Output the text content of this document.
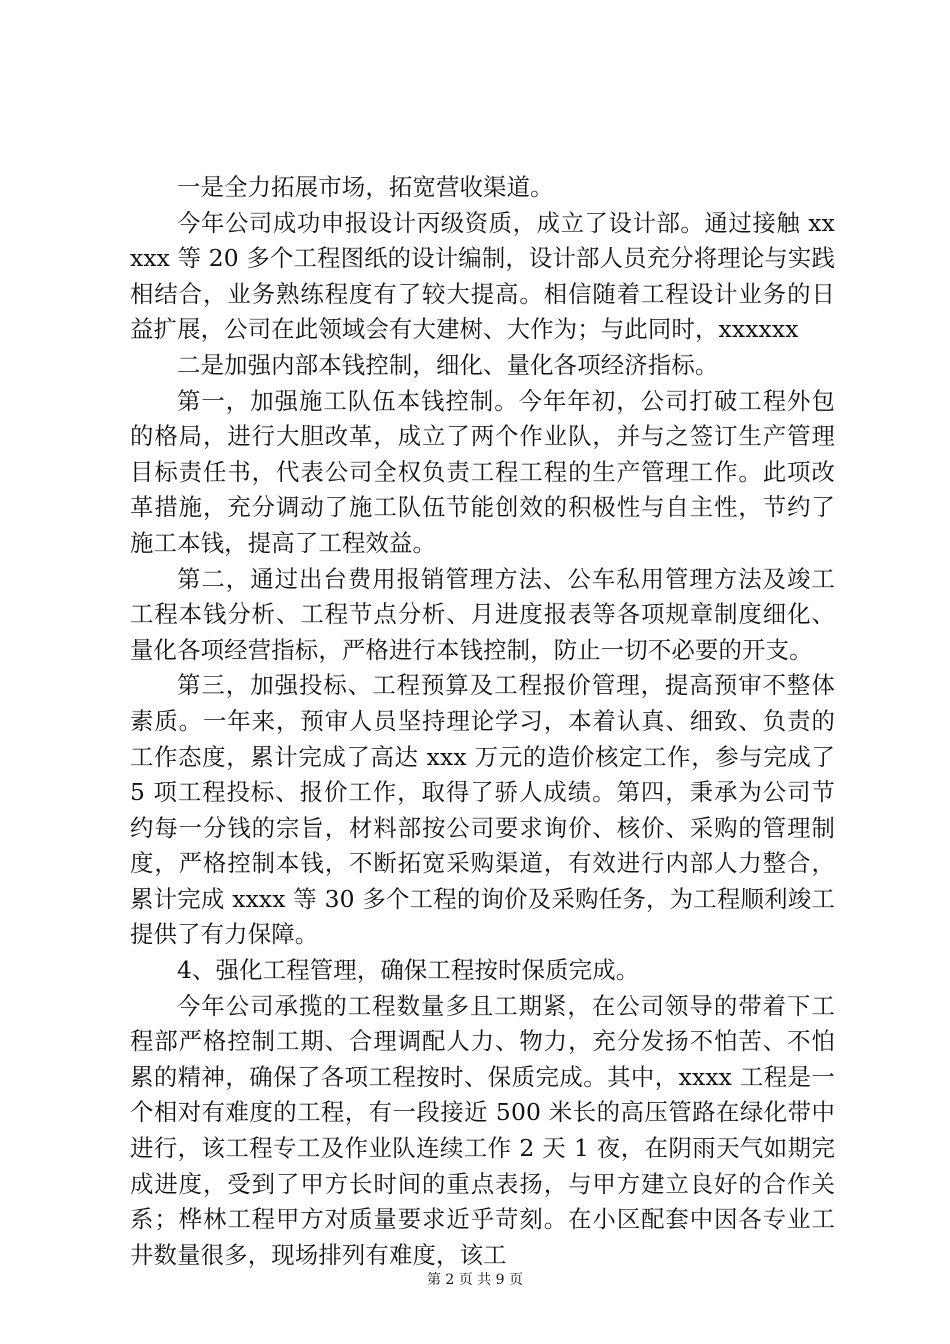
一是全力拓展市场，拓宽营收渠道。

今年公司成功申报设计丙级资质，成立了设计部。通过接触 xxxxx 等 20 多个工程图纸的设计编制，设计部人员充分将理论与实践相结合，业务熟练程度有了较大提高。相信随着工程设计业务的日益扩展，公司在此领域会有大建树、大作为；与此同时，xxxxxx

二是加强内部本钱控制，细化、量化各项经济指标。

第一，加强施工队伍本钱控制。今年年初，公司打破工程外包的格局，进行大胆改革，成立了两个作业队，并与之签订生产管理目标责任书，代表公司全权负责工程工程的生产管理工作。此项改革措施，充分调动了施工队伍节能创效的积极性与自主性，节约了施工本钱，提高了工程效益。

第二，通过出台费用报销管理方法、公车私用管理方法及竣工工程本钱分析、工程节点分析、月进度报表等各项规章制度细化、量化各项经营指标，严格进行本钱控制，防止一切不必要的开支。

第三，加强投标、工程预算及工程报价管理，提高预审不整体素质。一年来，预审人员坚持理论学习，本着认真、细致、负责的工作态度，累计完成了高达 xxx 万元的造价核定工作，参与完成了 5 项工程投标、报价工作，取得了骄人成绩。第四，秉承为公司节约每一分钱的宗旨，材料部按公司要求询价、核价、采购的管理制度，严格控制本钱，不断拓宽采购渠道，有效进行内部人力整合，累计完成 xxxx 等 30 多个工程的询价及采购任务，为工程顺利竣工提供了有力保障。

4、强化工程管理，确保工程按时保质完成。

今年公司承揽的工程数量多且工期紧，在公司领导的带着下工程部严格控制工期、合理调配人力、物力，充分发扬不怕苦、不怕累的精神，确保了各项工程按时、保质完成。其中，xxxx 工程是一个相对有难度的工程，有一段接近 500 米长的高压管路在绿化带中进行，该工程专工及作业队连续工作 2 天 1 夜，在阴雨天气如期完成进度，受到了甲方长时间的重点表扬，与甲方建立良好的合作关系；桦林工程甲方对质量要求近乎苛刻。在小区配套中因各专业工井数量很多，现场排列有难度，该工

第 2 页 共 9 页
